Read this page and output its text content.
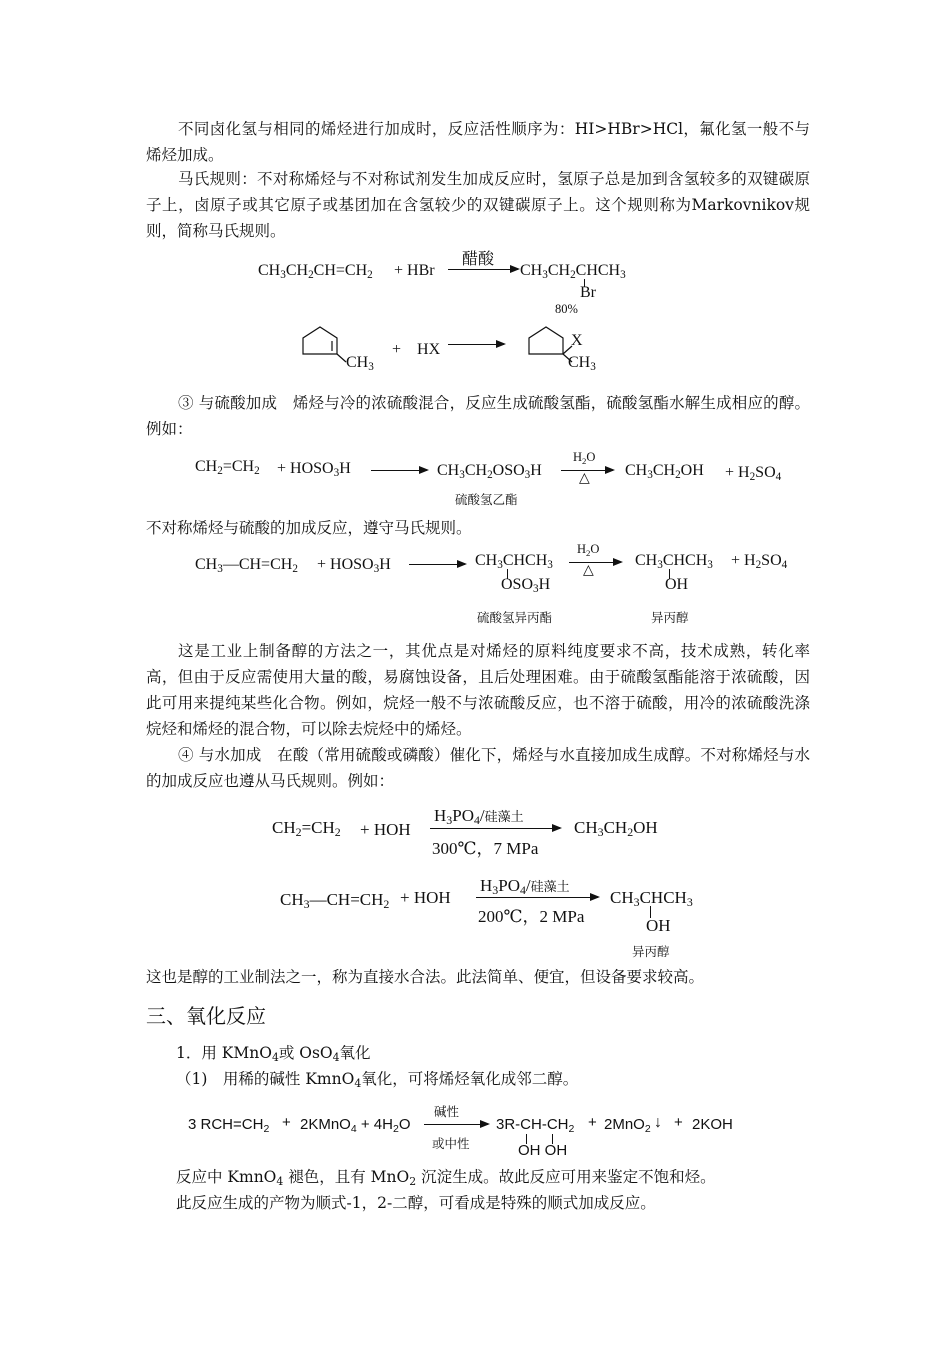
不同卤化氢与相同的烯烃进行加成时，反应活性顺序为：HI>HBr>HCl，氟化氢一般不与烯烃加成。

马氏规则：不对称烯烃与不对称试剂发生加成反应时，氢原子总是加到含氢较多的双键碳原子上，卤原子或其它原子或基团加在含氢较少的双键碳原子上。这个规则称为Markovnikov规则，简称马氏规则。

$CH_3CH_2CH=CH_2$ + HBr
醋酸
$CH_3CH_2CHCH_3$
Br
80%
$CH_3$
+　HX
X
$CH_3$

③ 与硫酸加成　烯烃与冷的浓硫酸混合，反应生成硫酸氢酯，硫酸氢酯水解生成相应的醇。例如：

$CH_2=CH_2$ + $HOSO_3H$	$CH_3CH_2OSO_3H$
硫酸氢乙酯
$H_2O$
△ $CH_3CH_2OH + H_2SO_4$

不对称烯烃与硫酸的加成反应，遵守马氏规则。

$CH_3—CH=CH_2$ + $HOSO_3H$	$CH_3CHCH_3$
$OSO_3H$
硫酸氢异丙酯
$H_2O$
△
$CH_3CHCH_3$
OH
异丙醇
+ $H_2SO_4$

这是工业上制备醇的方法之一，其优点是对烯烃的原料纯度要求不高，技术成熟，转化率高，但由于反应需使用大量的酸，易腐蚀设备，且后处理困难。由于硫酸氢酯能溶于浓硫酸，因此可用来提纯某些化合物。例如，烷烃一般不与浓硫酸反应，也不溶于硫酸，用冷的浓硫酸洗涤烷烃和烯烃的混合物，可以除去烷烃中的烯烃。

④ 与水加成　在酸（常用硫酸或磷酸）催化下，烯烃与水直接加成生成醇。不对称烯烃与水的加成反应也遵从马氏规则。例如：

$CH_2=CH_2$ + HOH
$H_3PO_4/$硅藻土
300℃，7 MPa
$CH_3CH_2OH$
$CH_3—CH=CH_2$ + HOH
$H_3PO_4/$硅藻土
200℃，2 MPa
$CH_3CHCH_3$
OH
异丙醇

这也是醇的工业制法之一，称为直接水合法。此法简单、便宜，但设备要求较高。

三、氧化反应

1．用 KMnO$_4$或 OsO$_4$氧化

（1)　用稀的碱性 KmnO$_4$氧化，可将烯烃氧化成邻二醇。

3 $RCH=CH_2$ + 2KMnO$_4$ + $4H_2O$
碱性
或中性
$3R-CH-CH_2$
OH OH
+ 2MnO$_2$ ↓ + 2KOH

反应中 KmnO$_4$ 褪色，且有 MnO$_2$ 沉淀生成。故此反应可用来鉴定不饱和烃。

此反应生成的产物为顺式-1，2-二醇，可看成是特殊的顺式加成反应。
